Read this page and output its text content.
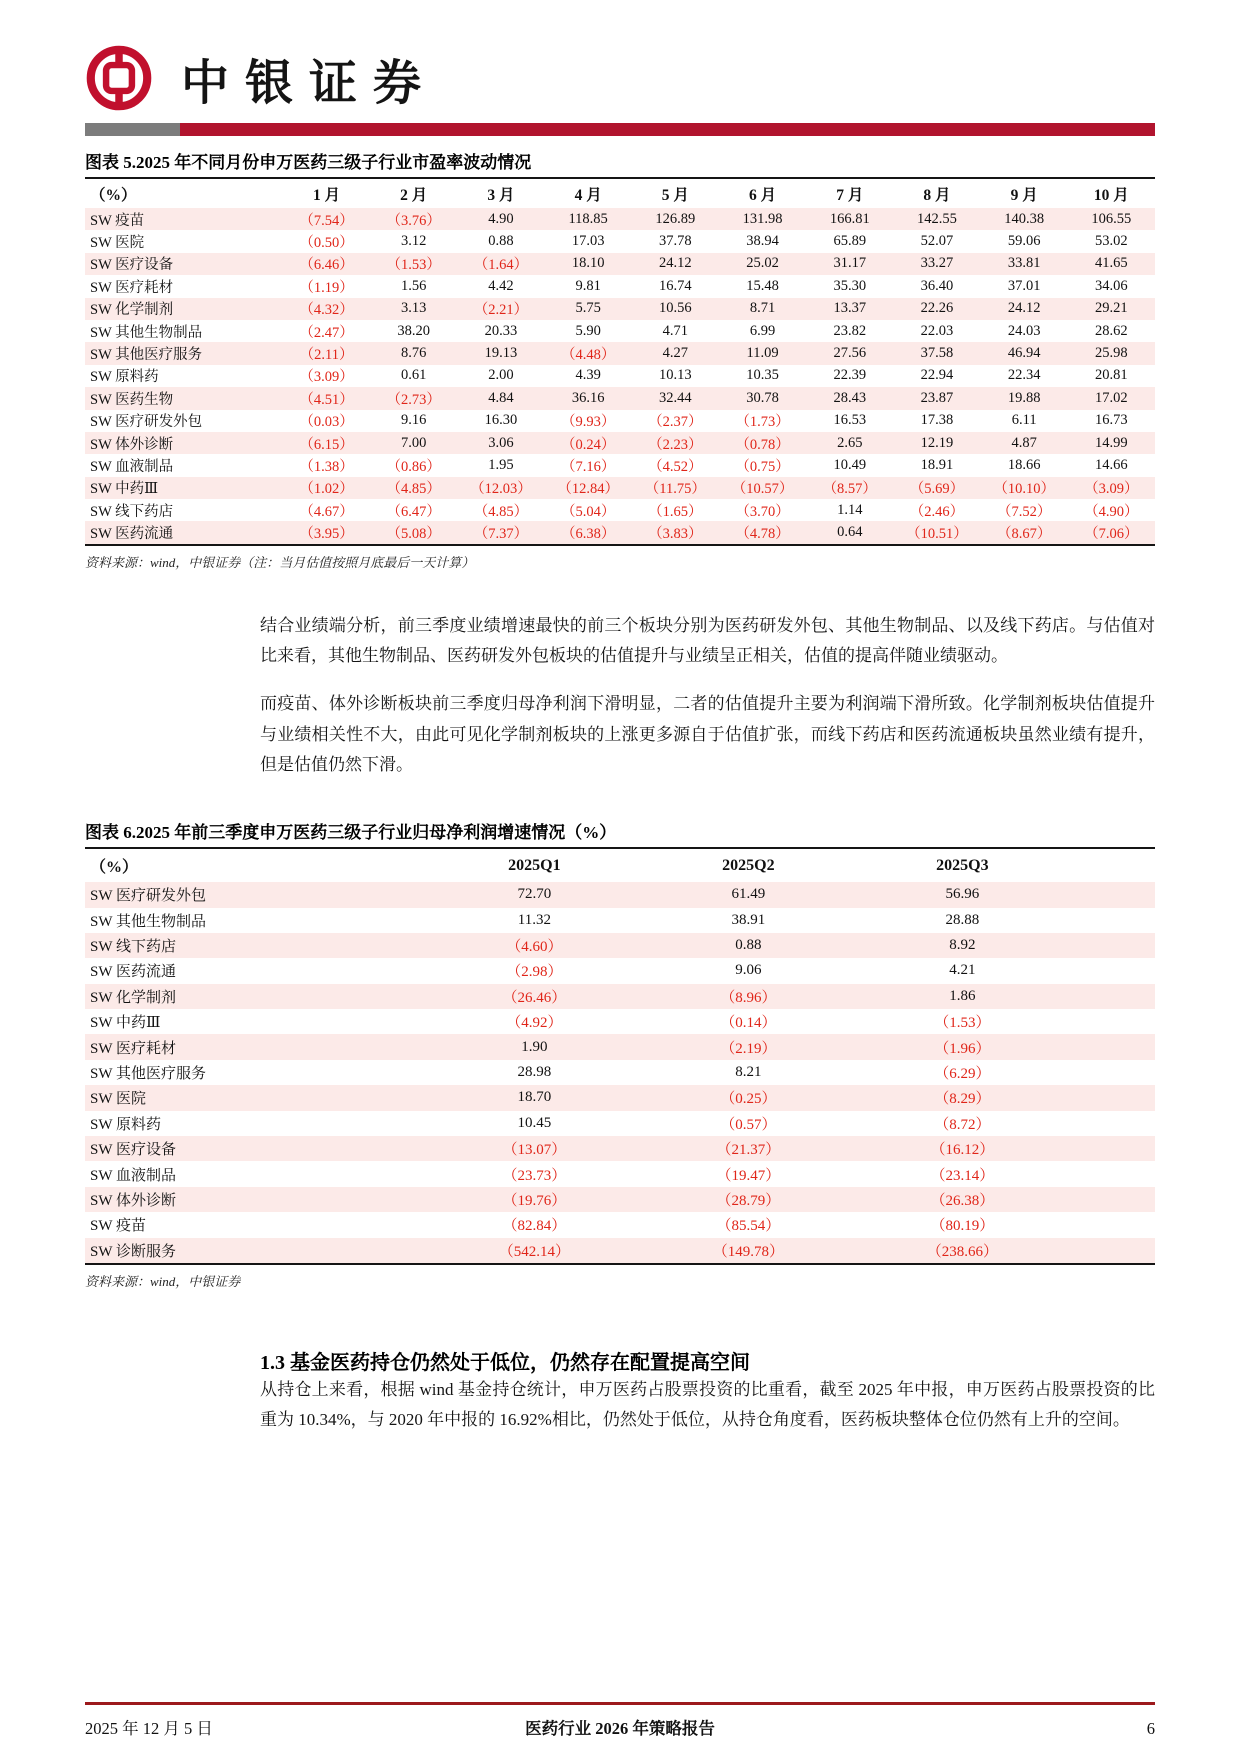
中银证券
图表 5.2025 年不同月份申万医药三级子行业市盈率波动情况
（%）	1 月	2 月	3 月	4 月	5 月	6 月	7 月	8 月	9 月	10 月
SW 疫苗	（7.54）	（3.76）	4.90	118.85	126.89	131.98	166.81	142.55	140.38	106.55
SW 医院	（0.50）	3.12	0.88	17.03	37.78	38.94	65.89	52.07	59.06	53.02
SW 医疗设备	（6.46）	（1.53）	（1.64）	18.10	24.12	25.02	31.17	33.27	33.81	41.65
SW 医疗耗材	（1.19）	1.56	4.42	9.81	16.74	15.48	35.30	36.40	37.01	34.06
SW 化学制剂	（4.32）	3.13	（2.21）	5.75	10.56	8.71	13.37	22.26	24.12	29.21
SW 其他生物制品	（2.47）	38.20	20.33	5.90	4.71	6.99	23.82	22.03	24.03	28.62
SW 其他医疗服务	（2.11）	8.76	19.13	（4.48）	4.27	11.09	27.56	37.58	46.94	25.98
SW 原料药	（3.09）	0.61	2.00	4.39	10.13	10.35	22.39	22.94	22.34	20.81
SW 医药生物	（4.51）	（2.73）	4.84	36.16	32.44	30.78	28.43	23.87	19.88	17.02
SW 医疗研发外包	（0.03）	9.16	16.30	（9.93）	（2.37）	（1.73）	16.53	17.38	6.11	16.73
SW 体外诊断	（6.15）	7.00	3.06	（0.24）	（2.23）	（0.78）	2.65	12.19	4.87	14.99
SW 血液制品	（1.38）	（0.86）	1.95	（7.16）	（4.52）	（0.75）	10.49	18.91	18.66	14.66
SW 中药Ⅲ	（1.02）	（4.85）	（12.03）	（12.84）	（11.75）	（10.57）	（8.57）	（5.69）	（10.10）	（3.09）
SW 线下药店	（4.67）	（6.47）	（4.85）	（5.04）	（1.65）	（3.70）	1.14	（2.46）	（7.52）	（4.90）
SW 医药流通	（3.95）	（5.08）	（7.37）	（6.38）	（3.83）	（4.78）	0.64	（10.51）	（8.67）	（7.06）
资料来源：wind，中银证券（注：当月估值按照月底最后一天计算）

结合业绩端分析，前三季度业绩增速最快的前三个板块分别为医药研发外包、其他生物制品、以及线下药店。与估值对比来看，其他生物制品、医药研发外包板块的估值提升与业绩呈正相关，估值的提高伴随业绩驱动。

而疫苗、体外诊断板块前三季度归母净利润下滑明显，二者的估值提升主要为利润端下滑所致。化学制剂板块估值提升与业绩相关性不大，由此可见化学制剂板块的上涨更多源自于估值扩张，而线下药店和医药流通板块虽然业绩有提升，但是估值仍然下滑。

图表 6.2025 年前三季度申万医药三级子行业归母净利润增速情况（%）
（%）	2025Q1	2025Q2	2025Q3
SW 医疗研发外包	72.70	61.49	56.96
SW 其他生物制品	11.32	38.91	28.88
SW 线下药店	（4.60）	0.88	8.92
SW 医药流通	（2.98）	9.06	4.21
SW 化学制剂	（26.46）	（8.96）	1.86
SW 中药Ⅲ	（4.92）	（0.14）	（1.53）
SW 医疗耗材	1.90	（2.19）	（1.96）
SW 其他医疗服务	28.98	8.21	（6.29）
SW 医院	18.70	（0.25）	（8.29）
SW 原料药	10.45	（0.57）	（8.72）
SW 医疗设备	（13.07）	（21.37）	（16.12）
SW 血液制品	（23.73）	（19.47）	（23.14）
SW 体外诊断	（19.76）	（28.79）	（26.38）
SW 疫苗	（82.84）	（85.54）	（80.19）
SW 诊断服务	（542.14）	（149.78）	（238.66）
资料来源：wind，中银证券
1.3 基金医药持仓仍然处于低位，仍然存在配置提高空间

从持仓上来看，根据 wind 基金持仓统计，申万医药占股票投资的比重看，截至 2025 年中报，申万医药占股票投资的比重为 10.34%，与 2020 年中报的 16.92%相比，仍然处于低位，从持仓角度看，医药板块整体仓位仍然有上升的空间。

2025 年 12 月 5 日	医药行业 2026 年策略报告	6
